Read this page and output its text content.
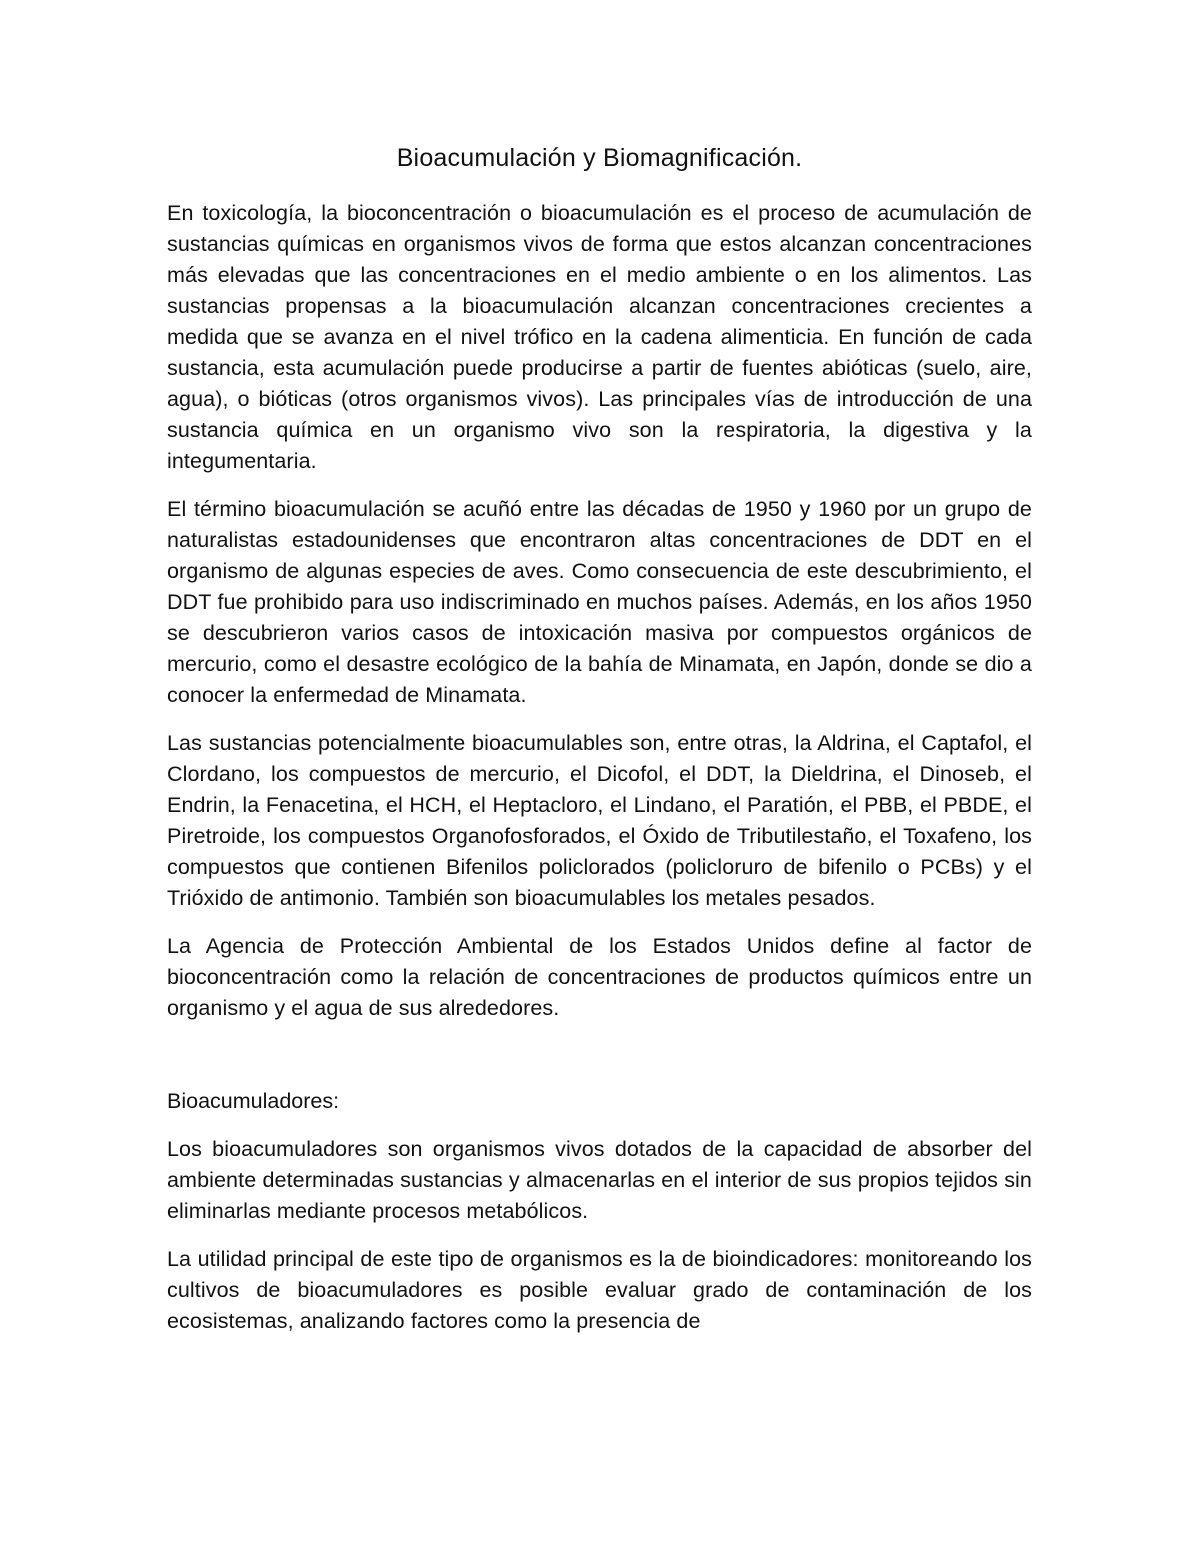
Bioacumulación y Biomagnificación.

En toxicología, la bioconcentración o bioacumulación es el proceso de acumulación de sustancias químicas en organismos vivos de forma que estos alcanzan concentraciones más elevadas que las concentraciones en el medio ambiente o en los alimentos. Las sustancias propensas a la bioacumulación alcanzan concentraciones crecientes a medida que se avanza en el nivel trófico en la cadena alimenticia. En función de cada sustancia, esta acumulación puede producirse a partir de fuentes abióticas (suelo, aire, agua), o bióticas (otros organismos vivos). Las principales vías de introducción de una sustancia química en un organismo vivo son la respiratoria, la digestiva y la integumentaria.

El término bioacumulación se acuñó entre las décadas de 1950 y 1960 por un grupo de naturalistas estadounidenses que encontraron altas concentraciones de DDT en el organismo de algunas especies de aves. Como consecuencia de este descubrimiento, el DDT fue prohibido para uso indiscriminado en muchos países. Además, en los años 1950 se descubrieron varios casos de intoxicación masiva por compuestos orgánicos de mercurio, como el desastre ecológico de la bahía de Minamata, en Japón, donde se dio a conocer la enfermedad de Minamata.

Las sustancias potencialmente bioacumulables son, entre otras, la Aldrina, el Captafol, el Clordano, los compuestos de mercurio, el Dicofol, el DDT, la Dieldrina, el Dinoseb, el Endrin, la Fenacetina, el HCH, el Heptacloro, el Lindano, el Paratión, el PBB, el PBDE, el Piretroide, los compuestos Organofosforados, el Óxido de Tributilestaño, el Toxafeno, los compuestos que contienen Bifenilos policlorados (policloruro de bifenilo o PCBs) y el Trióxido de antimonio. También son bioacumulables los metales pesados.

La Agencia de Protección Ambiental de los Estados Unidos define al factor de bioconcentración como la relación de concentraciones de productos químicos entre un organismo y el agua de sus alrededores.

Bioacumuladores:

Los bioacumuladores son organismos vivos dotados de la capacidad de absorber del ambiente determinadas sustancias y almacenarlas en el interior de sus propios tejidos sin eliminarlas mediante procesos metabólicos.

La utilidad principal de este tipo de organismos es la de bioindicadores: monitoreando los cultivos de bioacumuladores es posible evaluar grado de contaminación de los ecosistemas, analizando factores como la presencia de
